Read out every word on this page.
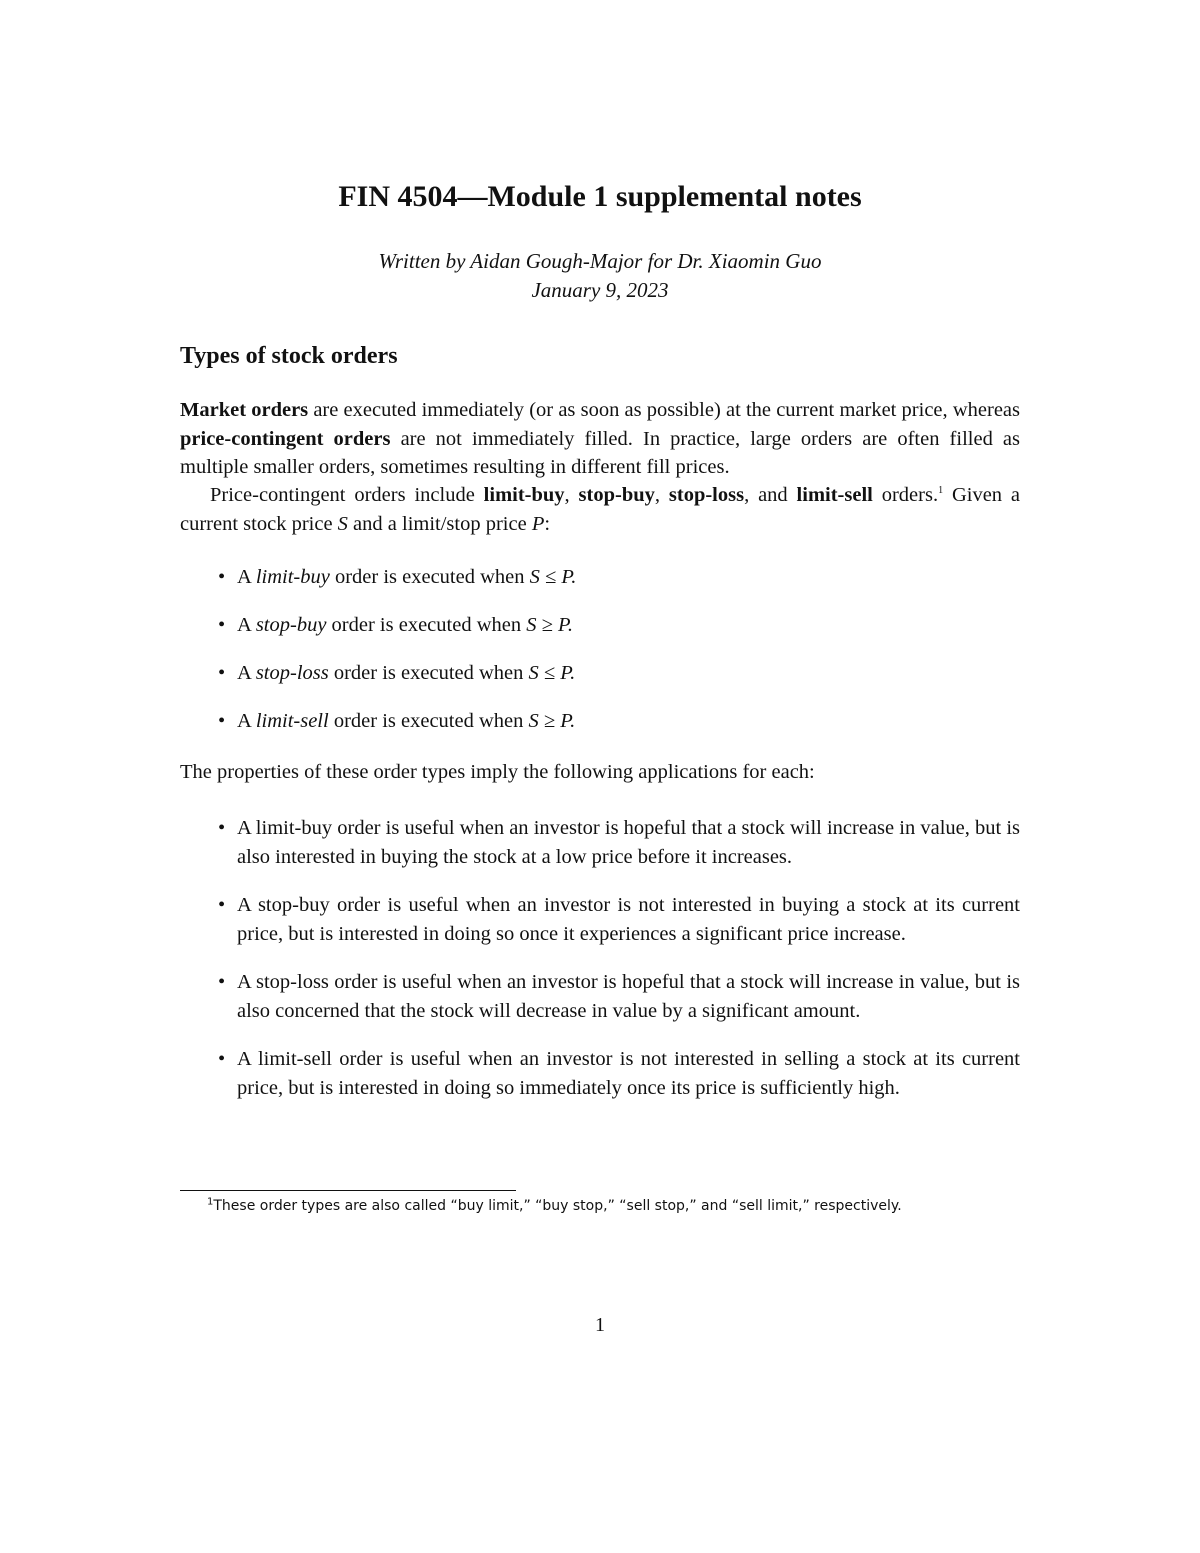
FIN 4504—Module 1 supplemental notes
Written by Aidan Gough-Major for Dr. Xiaomin Guo
January 9, 2023
Types of stock orders

Market orders are executed immediately (or as soon as possible) at the current market price, whereas price-contingent orders are not immediately filled. In practice, large orders are often filled as multiple smaller orders, sometimes resulting in different fill prices.

Price-contingent orders include limit-buy, stop-buy, stop-loss, and limit-sell orders.$^1$ Given a current stock price S and a limit/stop price P:

• A limit-buy order is executed when S ≤ P.
• A stop-buy order is executed when S ≥ P.
• A stop-loss order is executed when S ≤ P.
• A limit-sell order is executed when S ≥ P.

The properties of these order types imply the following applications for each:

• A limit-buy order is useful when an investor is hopeful that a stock will increase in value, but is also interested in buying the stock at a low price before it increases.
• A stop-buy order is useful when an investor is not interested in buying a stock at its current price, but is interested in doing so once it experiences a significant price increase.
• A stop-loss order is useful when an investor is hopeful that a stock will increase in value, but is also concerned that the stock will decrease in value by a significant amount.
• A limit-sell order is useful when an investor is not interested in selling a stock at its current price, but is interested in doing so immediately once its price is sufficiently high.
$^1$These order types are also called “buy limit,” “buy stop,” “sell stop,” and “sell limit,” respectively.
1
